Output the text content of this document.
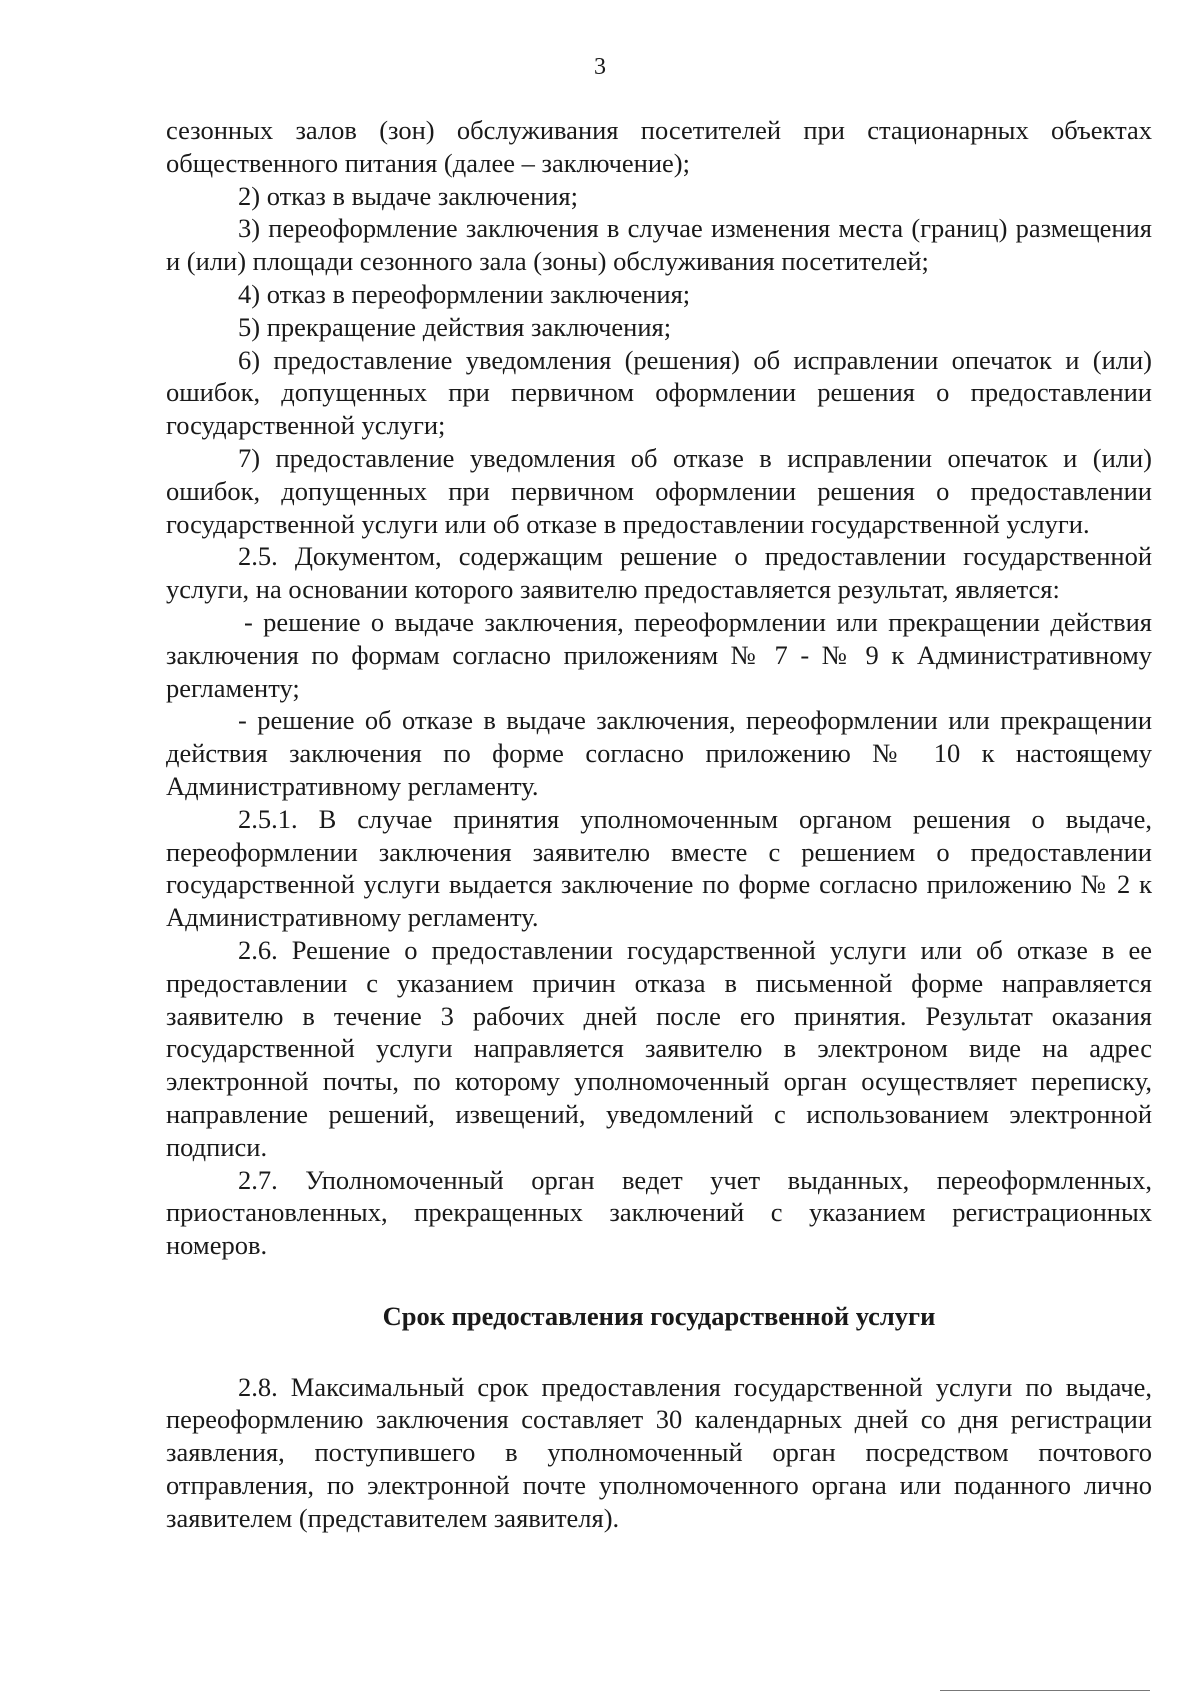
3

сезонных залов (зон) обслуживания посетителей при стационарных объектах общественного питания (далее – заключение);

2) отказ в выдаче заключения;

3) переоформление заключения в случае изменения места (границ) размещения и (или) площади сезонного зала (зоны) обслуживания посетителей;

4) отказ в переоформлении заключения;

5) прекращение действия заключения;

6) предоставление уведомления (решения) об исправлении опечаток и (или) ошибок, допущенных при первичном оформлении решения о предоставлении государственной услуги;

7) предоставление уведомления об отказе в исправлении опечаток и (или) ошибок, допущенных при первичном оформлении решения о предоставлении государственной услуги или об отказе в предоставлении государственной услуги.

2.5. Документом, содержащим решение о предоставлении государственной услуги, на основании которого заявителю предоставляется результат, является:

- решение о выдаче заключения, переоформлении или прекращении действия заключения по формам согласно приложениям № 7 - № 9 к Административному регламенту;

- решение об отказе в выдаче заключения, переоформлении или прекращении действия заключения по форме согласно приложению № 10 к настоящему Административному регламенту.

2.5.1. В случае принятия уполномоченным органом решения о выдаче, переоформлении заключения заявителю вместе с решением о предоставлении государственной услуги выдается заключение по форме согласно приложению № 2 к Административному регламенту.

2.6. Решение о предоставлении государственной услуги или об отказе в ее предоставлении с указанием причин отказа в письменной форме направляется заявителю в течение 3 рабочих дней после его принятия. Результат оказания государственной услуги направляется заявителю в электроном виде на адрес электронной почты, по которому уполномоченный орган осуществляет переписку, направление решений, извещений, уведомлений с использованием электронной подписи.

2.7. Уполномоченный орган ведет учет выданных, переоформленных, приостановленных, прекращенных заключений с указанием регистрационных номеров.

Срок предоставления государственной услуги

2.8. Максимальный срок предоставления государственной услуги по выдаче, переоформлению заключения составляет 30 календарных дней со дня регистрации заявления, поступившего в уполномоченный орган посредством почтового отправления, по электронной почте уполномоченного органа или поданного лично заявителем (представителем заявителя).
